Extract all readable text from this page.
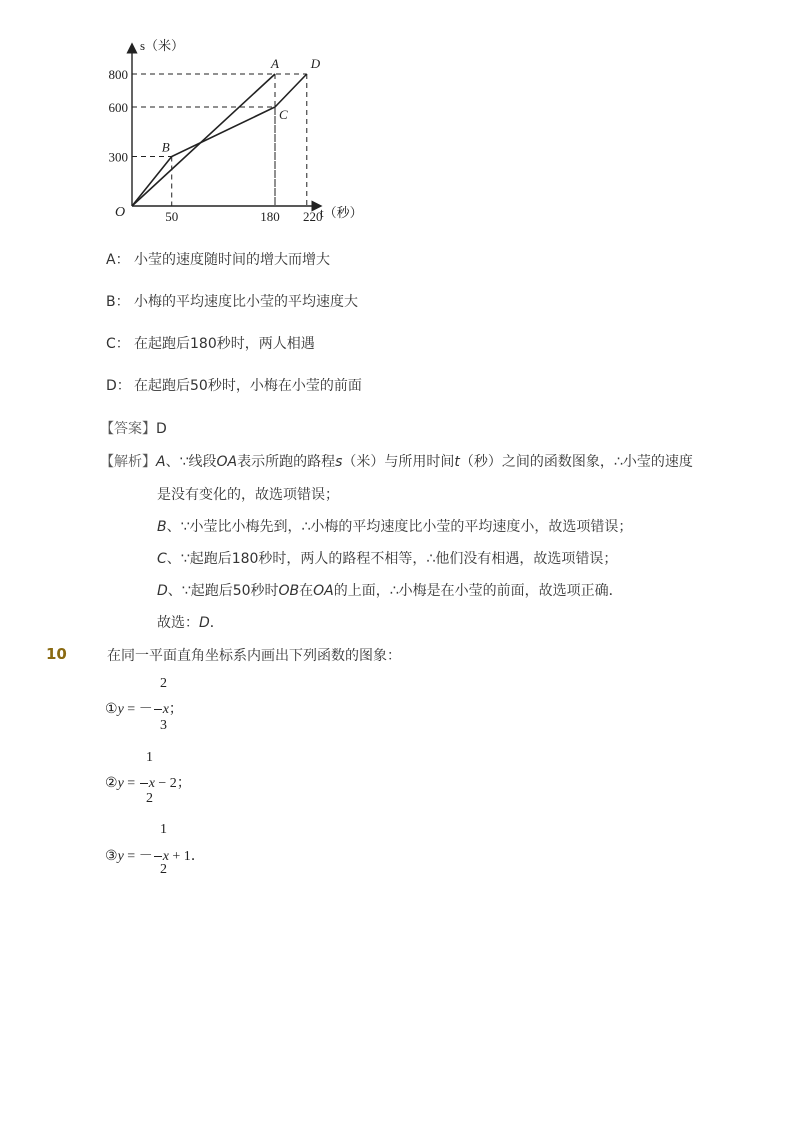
s（米）
t（秒）
O
800
600
300
50	180 220
A
B
C
D
A： 小莹的速度随时间的增大而增大
B： 小梅的平均速度比小莹的平均速度大
C： 在起跑后180秒时，两人相遇
D： 在起跑后50秒时，小梅在小莹的前面
【答案】D
【解析】A、∵线段OA表示所跑的路程s（米）与所用时间t（秒）之间的函数图象，∴小莹的速度
是没有变化的，故选项错误；
B、∵小莹比小梅先到，∴小梅的平均速度比小莹的平均速度小，故选项错误；
C、∵起跑后180秒时，两人的路程不相等，∴他们没有相遇，故选项错误；
D、∵起跑后50秒时OB在OA的上面，∴小梅是在小莹的前面，故选项正确．
故选：D．
10	在同一平面直角坐标系内画出下列函数的图象：
2
①y = － x；
3
1
②y = x − 2；
2
1
③y = － x + 1．
2
